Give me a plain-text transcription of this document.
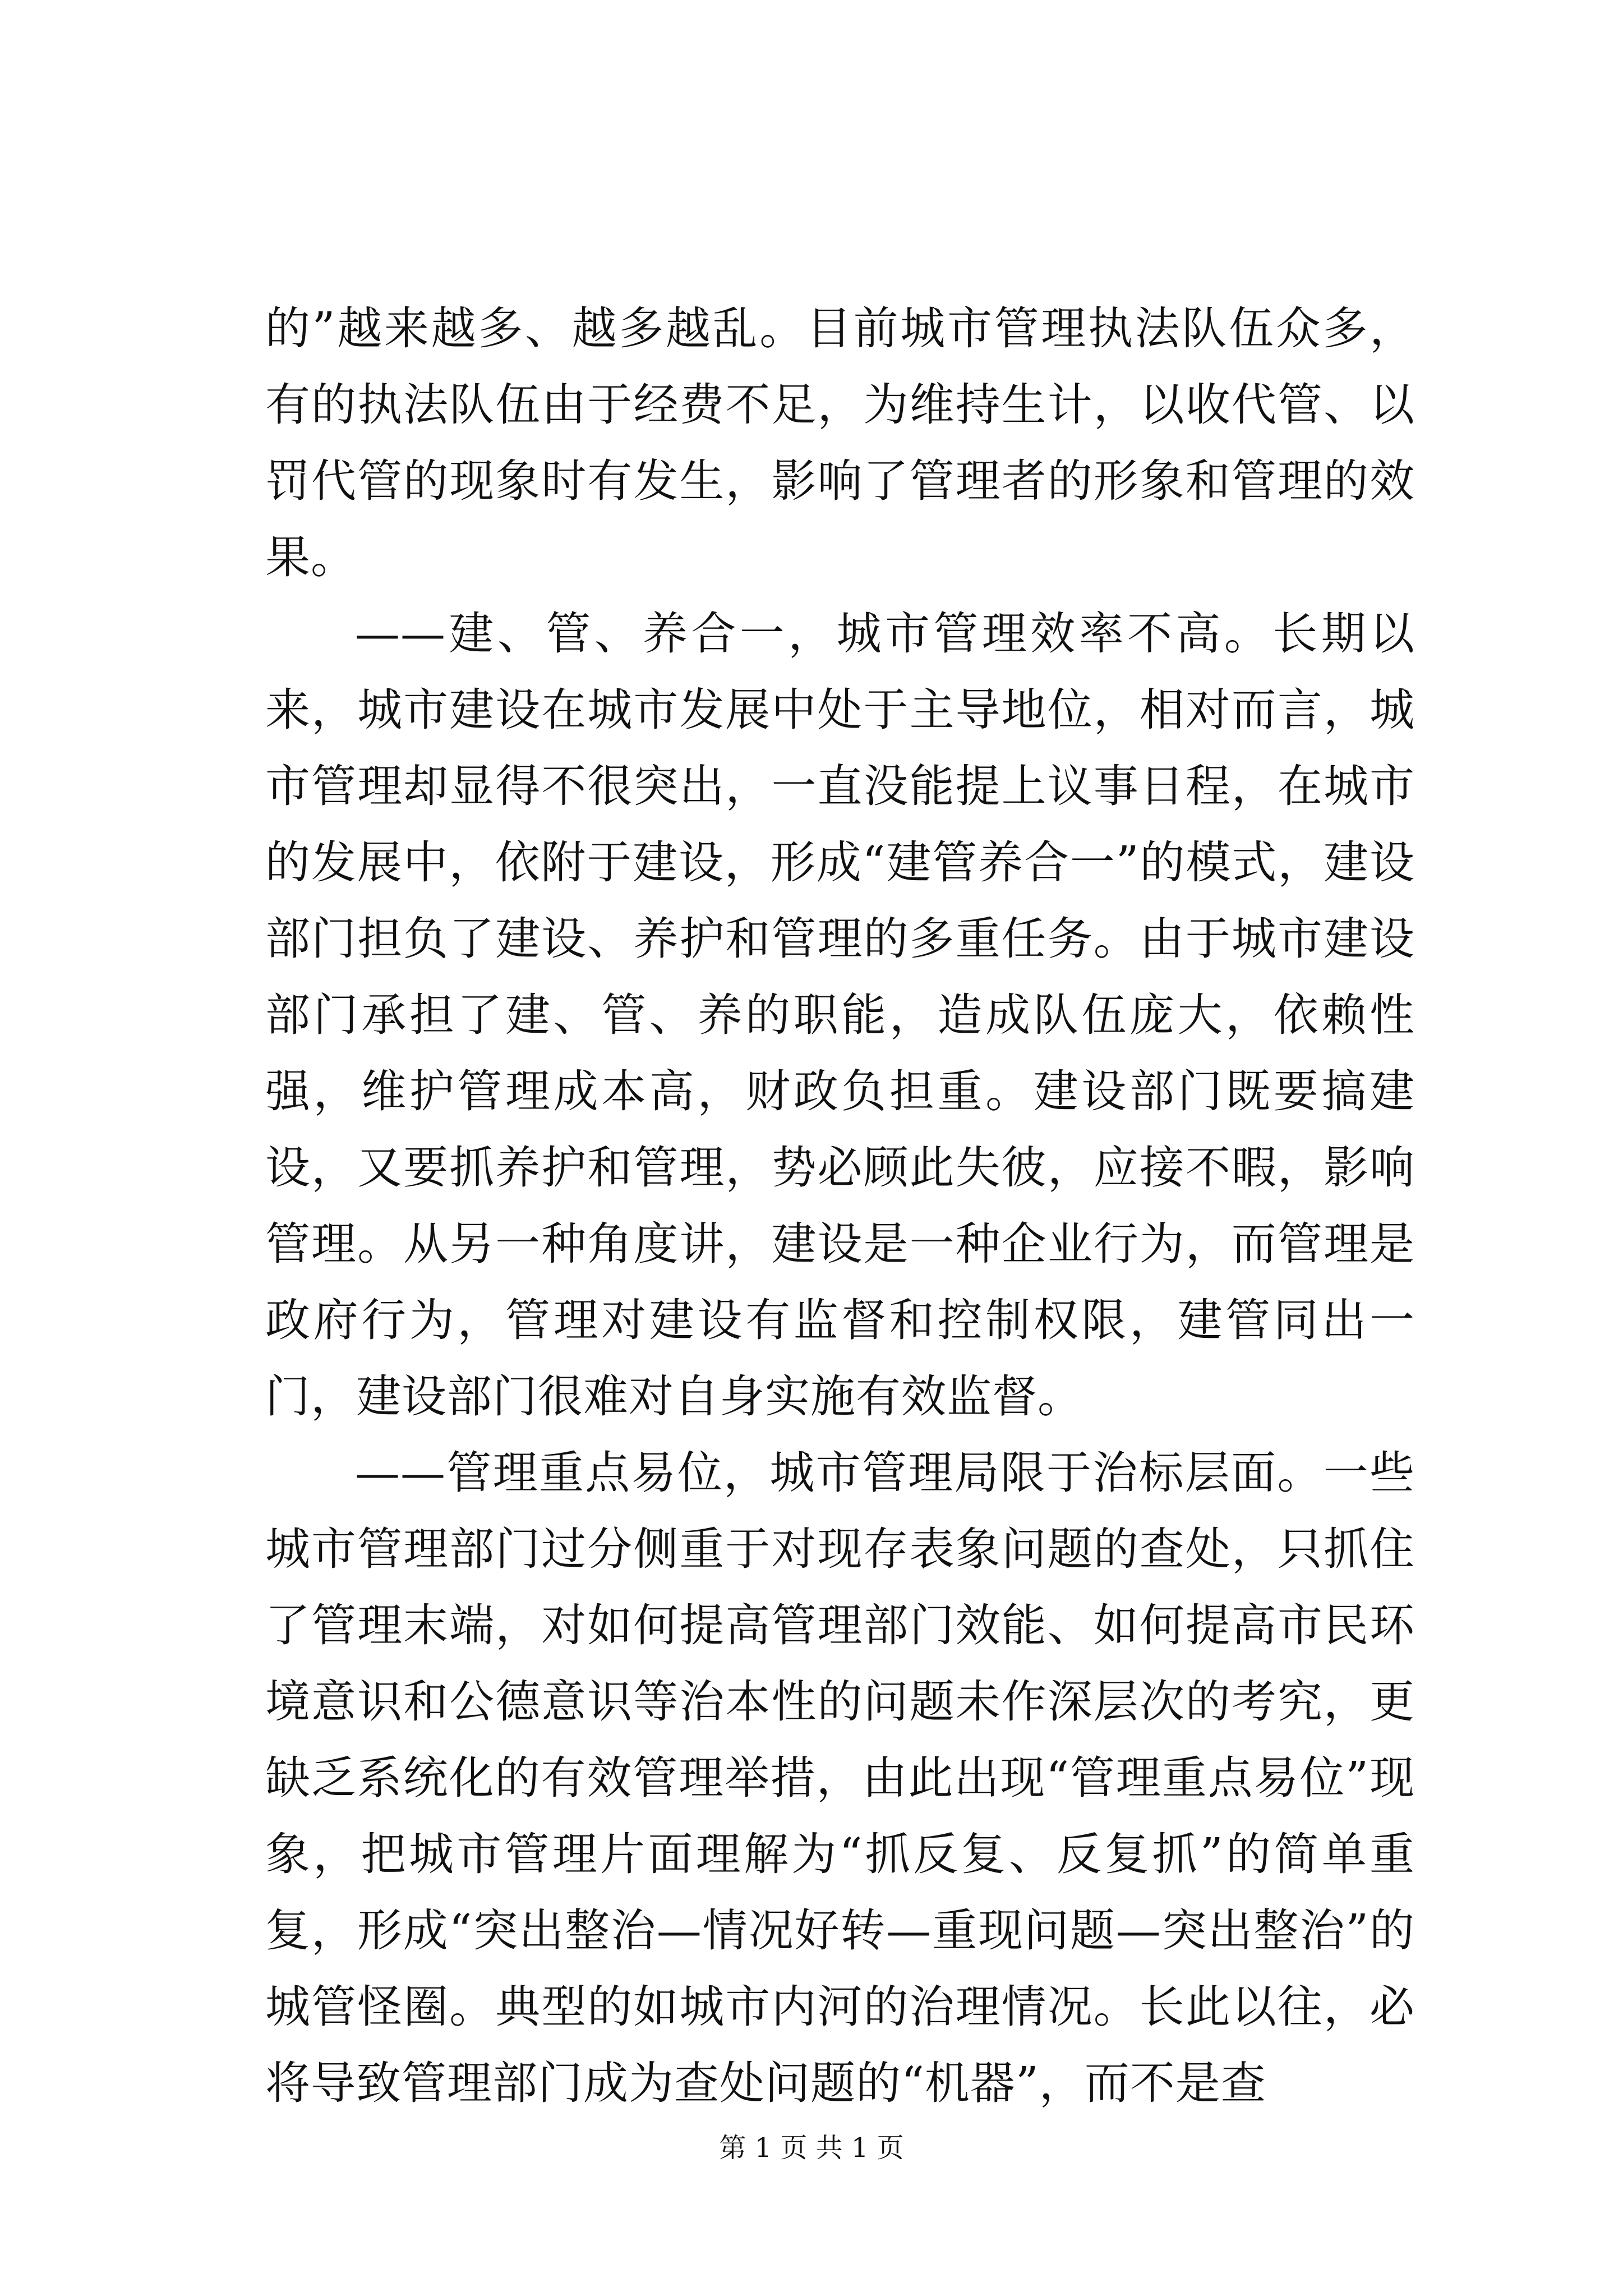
的”越来越多、越多越乱。目前城市管理执法队伍众多，有的执法队伍由于经费不足，为维持生计，以收代管、以罚代管的现象时有发生，影响了管理者的形象和管理的效果。

——建、管、养合一，城市管理效率不高。长期以来，城市建设在城市发展中处于主导地位，相对而言，城市管理却显得不很突出，一直没能提上议事日程，在城市的发展中，依附于建设，形成“建管养合一”的模式，建设部门担负了建设、养护和管理的多重任务。由于城市建设部门承担了建、管、养的职能，造成队伍庞大，依赖性强，维护管理成本高，财政负担重。建设部门既要搞建设，又要抓养护和管理，势必顾此失彼，应接不暇，影响管理。从另一种角度讲，建设是一种企业行为，而管理是政府行为，管理对建设有监督和控制权限，建管同出一门，建设部门很难对自身实施有效监督。

——管理重点易位，城市管理局限于治标层面。一些城市管理部门过分侧重于对现存表象问题的查处，只抓住了管理末端，对如何提高管理部门效能、如何提高市民环境意识和公德意识等治本性的问题未作深层次的考究，更缺乏系统化的有效管理举措，由此出现“管理重点易位”现象，把城市管理片面理解为“抓反复、反复抓”的简单重复，形成“突出整治—情况好转—重现问题—突出整治”的城管怪圈。典型的如城市内河的治理情况。长此以往，必将导致管理部门成为查处问题的“机器”，而不是查

第 1 页 共 1 页
